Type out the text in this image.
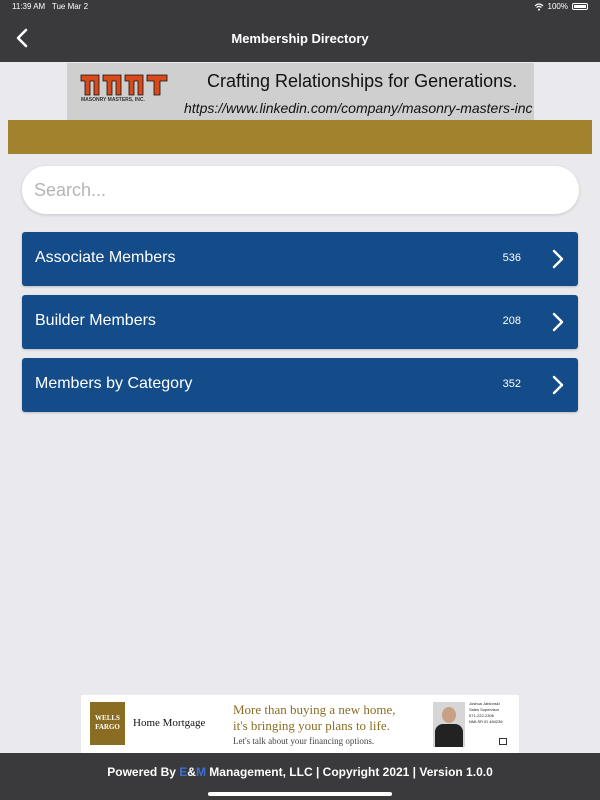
11:39 AM Tue Mar 2	100%
Membership Directory
MASONRY MASTERS, INC.
Crafting Relationships for Generations.
https://www.linkedin.com/company/masonry-masters-inc
Search...
Associate Members	536
Builder Members	208
Members by Category	352
WELLS
FARGO	Home Mortgage
More than buying a new home,
it's bringing your plans to life.
Let's talk about your financing options.
Joshua Jablonski
Sales Supervisor
571-222-2306
NMLSR ID 484236
Powered By E&M Management, LLC | Copyright 2021 | Version 1.0.0
